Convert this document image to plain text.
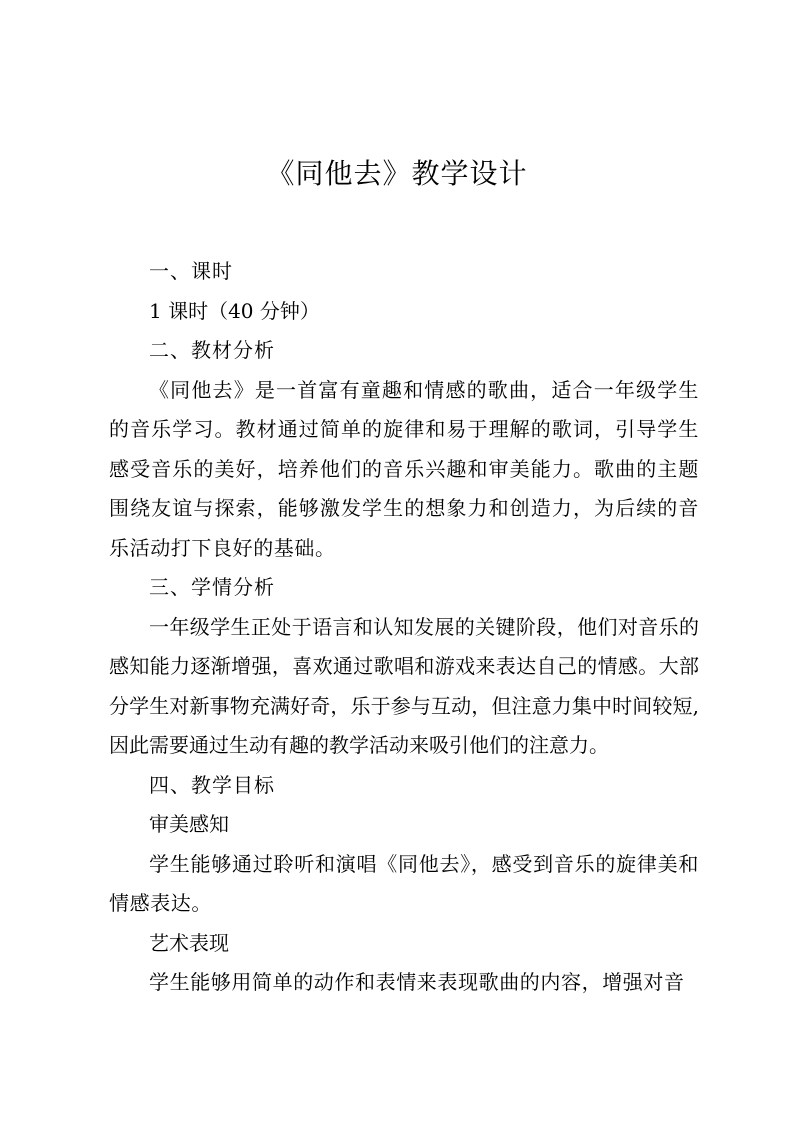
《同他去》教学设计
一、课时
1 课时（40 分钟）
二、教材分析
《同他去》是一首富有童趣和情感的歌曲，适合一年级学生的音乐学习。教材通过简单的旋律和易于理解的歌词，引导学生感受音乐的美好，培养他们的音乐兴趣和审美能力。歌曲的主题围绕友谊与探索，能够激发学生的想象力和创造力，为后续的音乐活动打下良好的基础。
三、学情分析
一年级学生正处于语言和认知发展的关键阶段，他们对音乐的感知能力逐渐增强，喜欢通过歌唱和游戏来表达自己的情感。大部分学生对新事物充满好奇，乐于参与互动，但注意力集中时间较短,因此需要通过生动有趣的教学活动来吸引他们的注意力。
四、教学目标
审美感知
学生能够通过聆听和演唱《同他去》，感受到音乐的旋律美和情感表达。
艺术表现
学生能够用简单的动作和表情来表现歌曲的内容，增强对音
